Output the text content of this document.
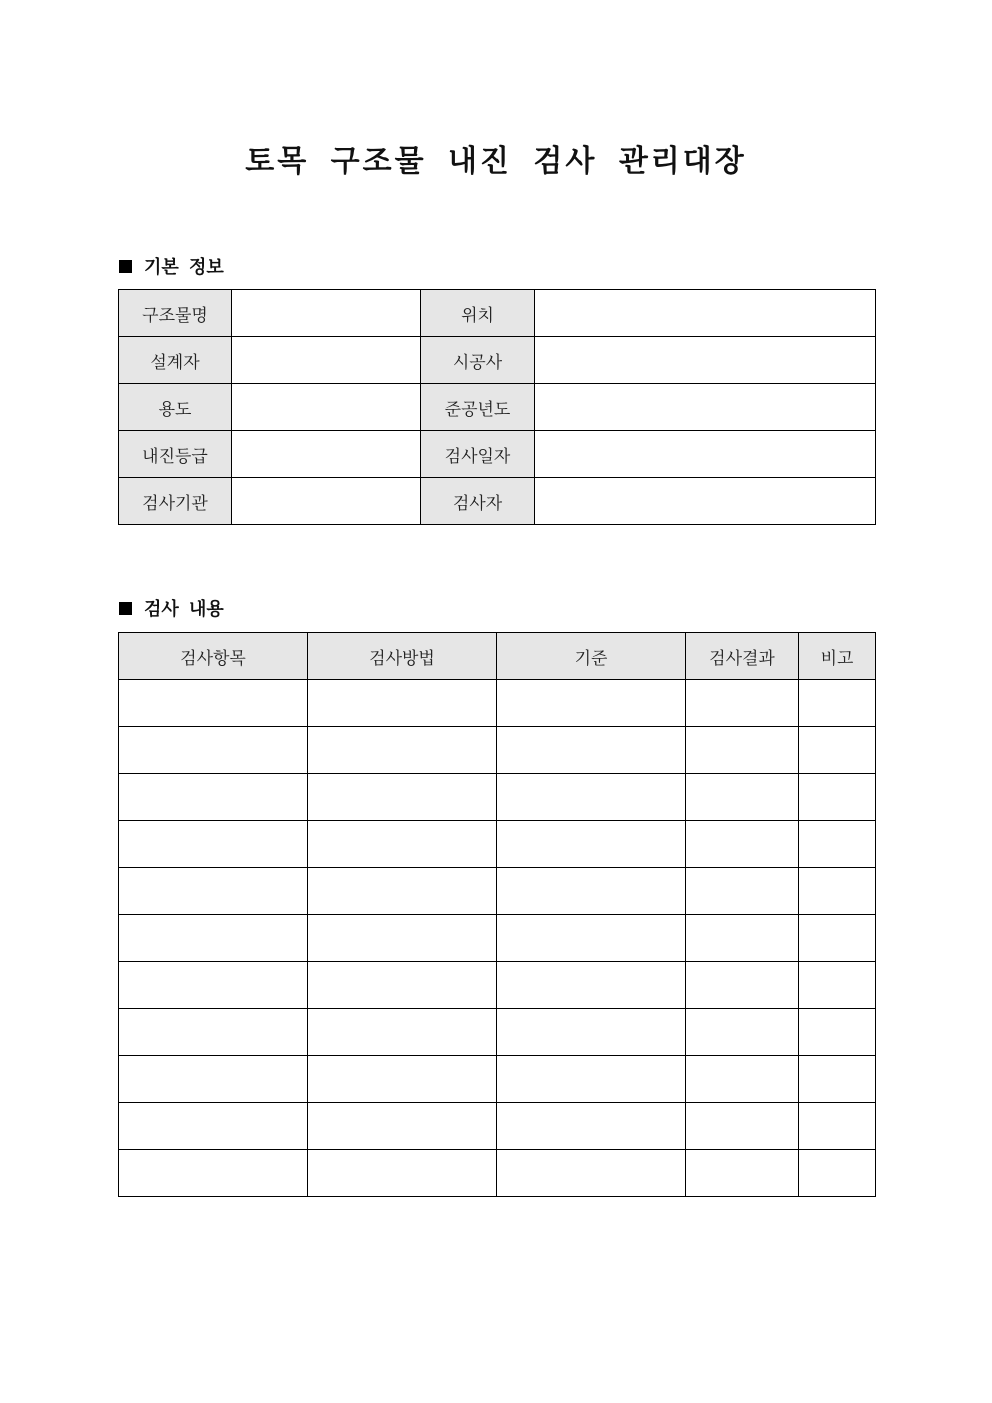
토목 구조물 내진 검사 관리대장
기본 정보
구조물명		위치	
설계자		시공사	
용도		준공년도	
내진등급		검사일자	
검사기관		검사자	
검사 내용
검사항목	검사방법	기준	검사결과	비고
